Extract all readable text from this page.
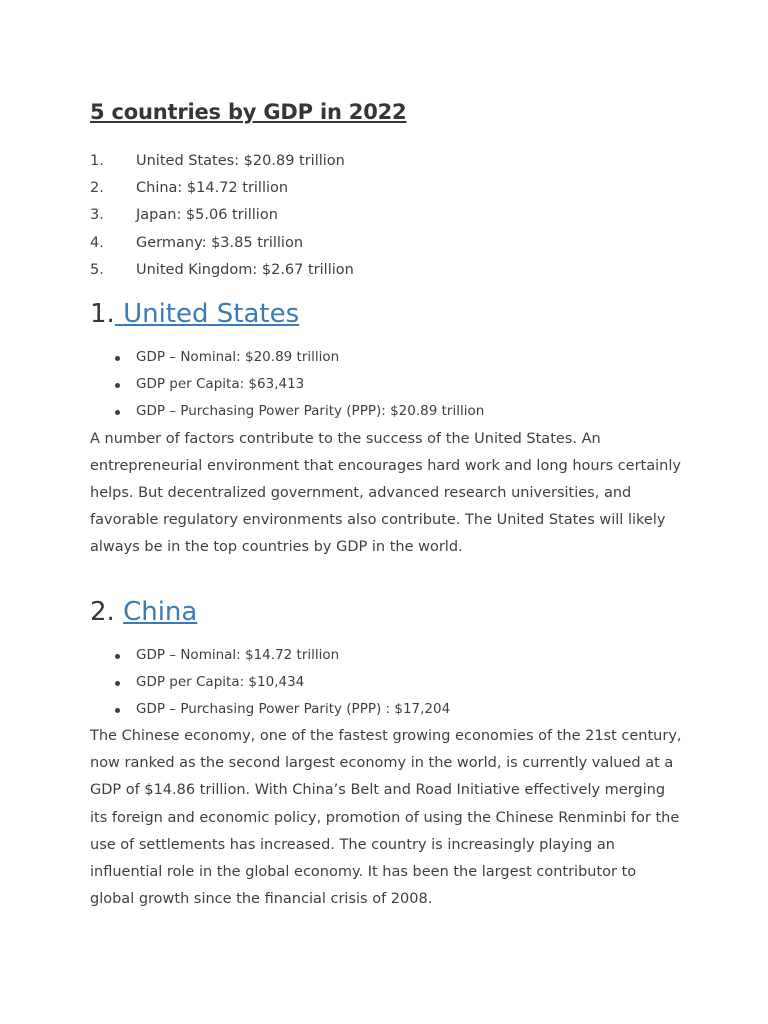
5 countries by GDP in 2022
1.	United States: $20.89 trillion
2.	China: $14.72 trillion
3.	Japan: $5.06 trillion
4.	Germany: $3.85 trillion
5.	United Kingdom: $2.67 trillion
1. United States
GDP – Nominal: $20.89 trillion
GDP per Capita: $63,413
GDP – Purchasing Power Parity (PPP): $20.89 trillion

A number of factors contribute to the success of the United States. An entrepreneurial environment that encourages hard work and long hours certainly helps. But decentralized government, advanced research universities, and favorable regulatory environments also contribute. The United States will likely always be in the top countries by GDP in the world.

2. China
GDP – Nominal: $14.72 trillion
GDP per Capita: $10,434
GDP – Purchasing Power Parity (PPP) : $17,204

The Chinese economy, one of the fastest growing economies of the 21st century, now ranked as the second largest economy in the world, is currently valued at a GDP of $14.86 trillion. With China’s Belt and Road Initiative effectively merging its foreign and economic policy, promotion of using the Chinese Renminbi for the use of settlements has increased. The country is increasingly playing an influential role in the global economy. It has been the largest contributor to global growth since the financial crisis of 2008.
